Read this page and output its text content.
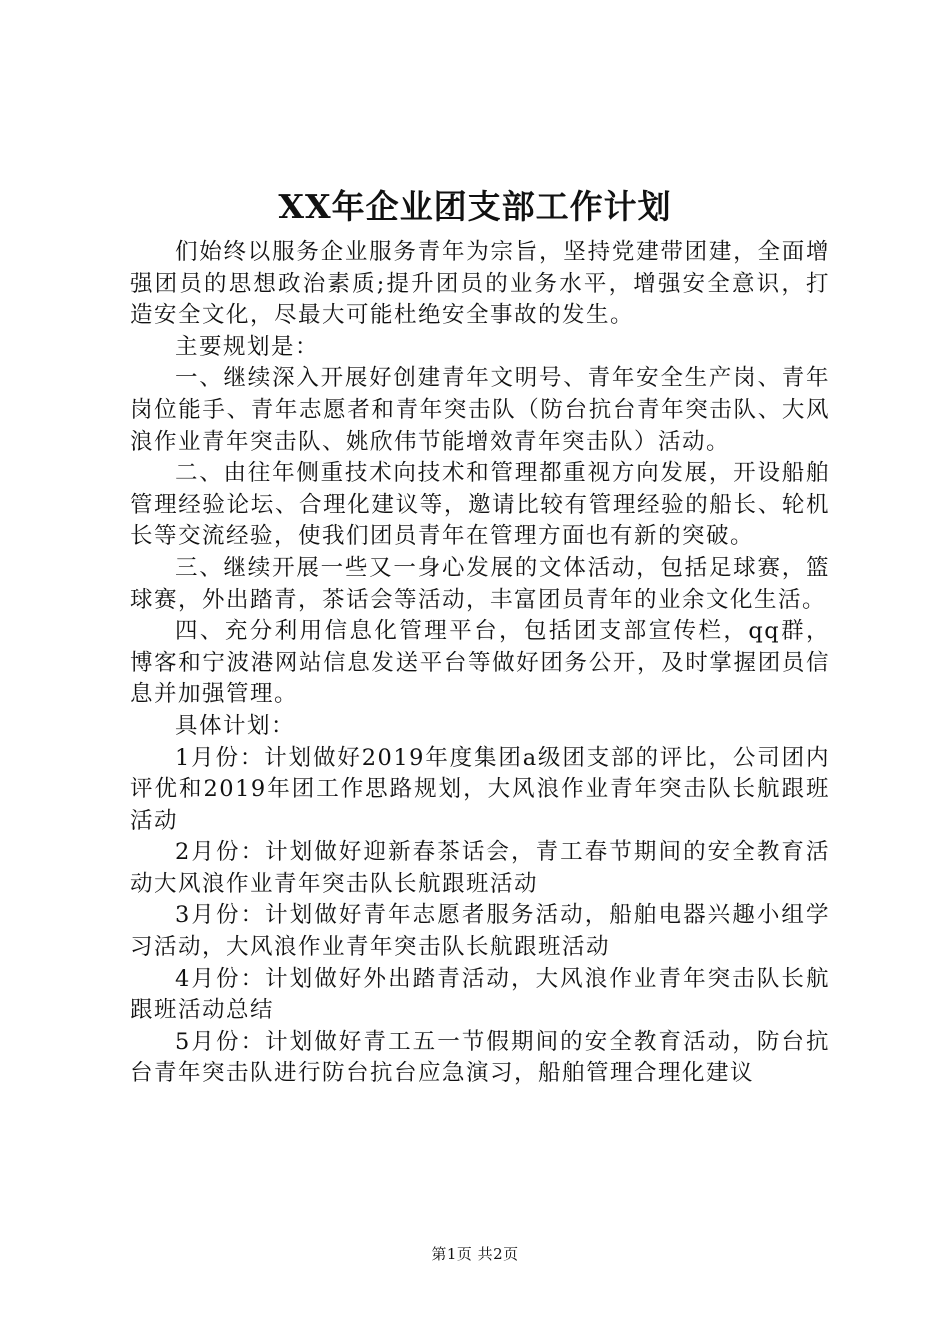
XX年企业团支部工作计划

们始终以服务企业服务青年为宗旨，坚持党建带团建，全面增强团员的思想政治素质;提升团员的业务水平，增强安全意识，打造安全文化，尽最大可能杜绝安全事故的发生。

主要规划是：

一、继续深入开展好创建青年文明号、青年安全生产岗、青年岗位能手、青年志愿者和青年突击队（防台抗台青年突击队、大风浪作业青年突击队、姚欣伟节能增效青年突击队）活动。

二、由往年侧重技术向技术和管理都重视方向发展，开设船舶管理经验论坛、合理化建议等，邀请比较有管理经验的船长、轮机长等交流经验，使我们团员青年在管理方面也有新的突破。

三、继续开展一些又一身心发展的文体活动，包括足球赛，篮球赛，外出踏青，茶话会等活动，丰富团员青年的业余文化生活。

四、充分利用信息化管理平台，包括团支部宣传栏，qq群，博客和宁波港网站信息发送平台等做好团务公开，及时掌握团员信息并加强管理。

具体计划：

1月份：计划做好2019年度集团a级团支部的评比，公司团内评优和2019年团工作思路规划，大风浪作业青年突击队长航跟班活动

2月份：计划做好迎新春茶话会，青工春节期间的安全教育活动大风浪作业青年突击队长航跟班活动

3月份：计划做好青年志愿者服务活动，船舶电器兴趣小组学习活动，大风浪作业青年突击队长航跟班活动

4月份：计划做好外出踏青活动，大风浪作业青年突击队长航跟班活动总结

5月份：计划做好青工五一节假期间的安全教育活动，防台抗台青年突击队进行防台抗台应急演习，船舶管理合理化建议

第1页 共2页
